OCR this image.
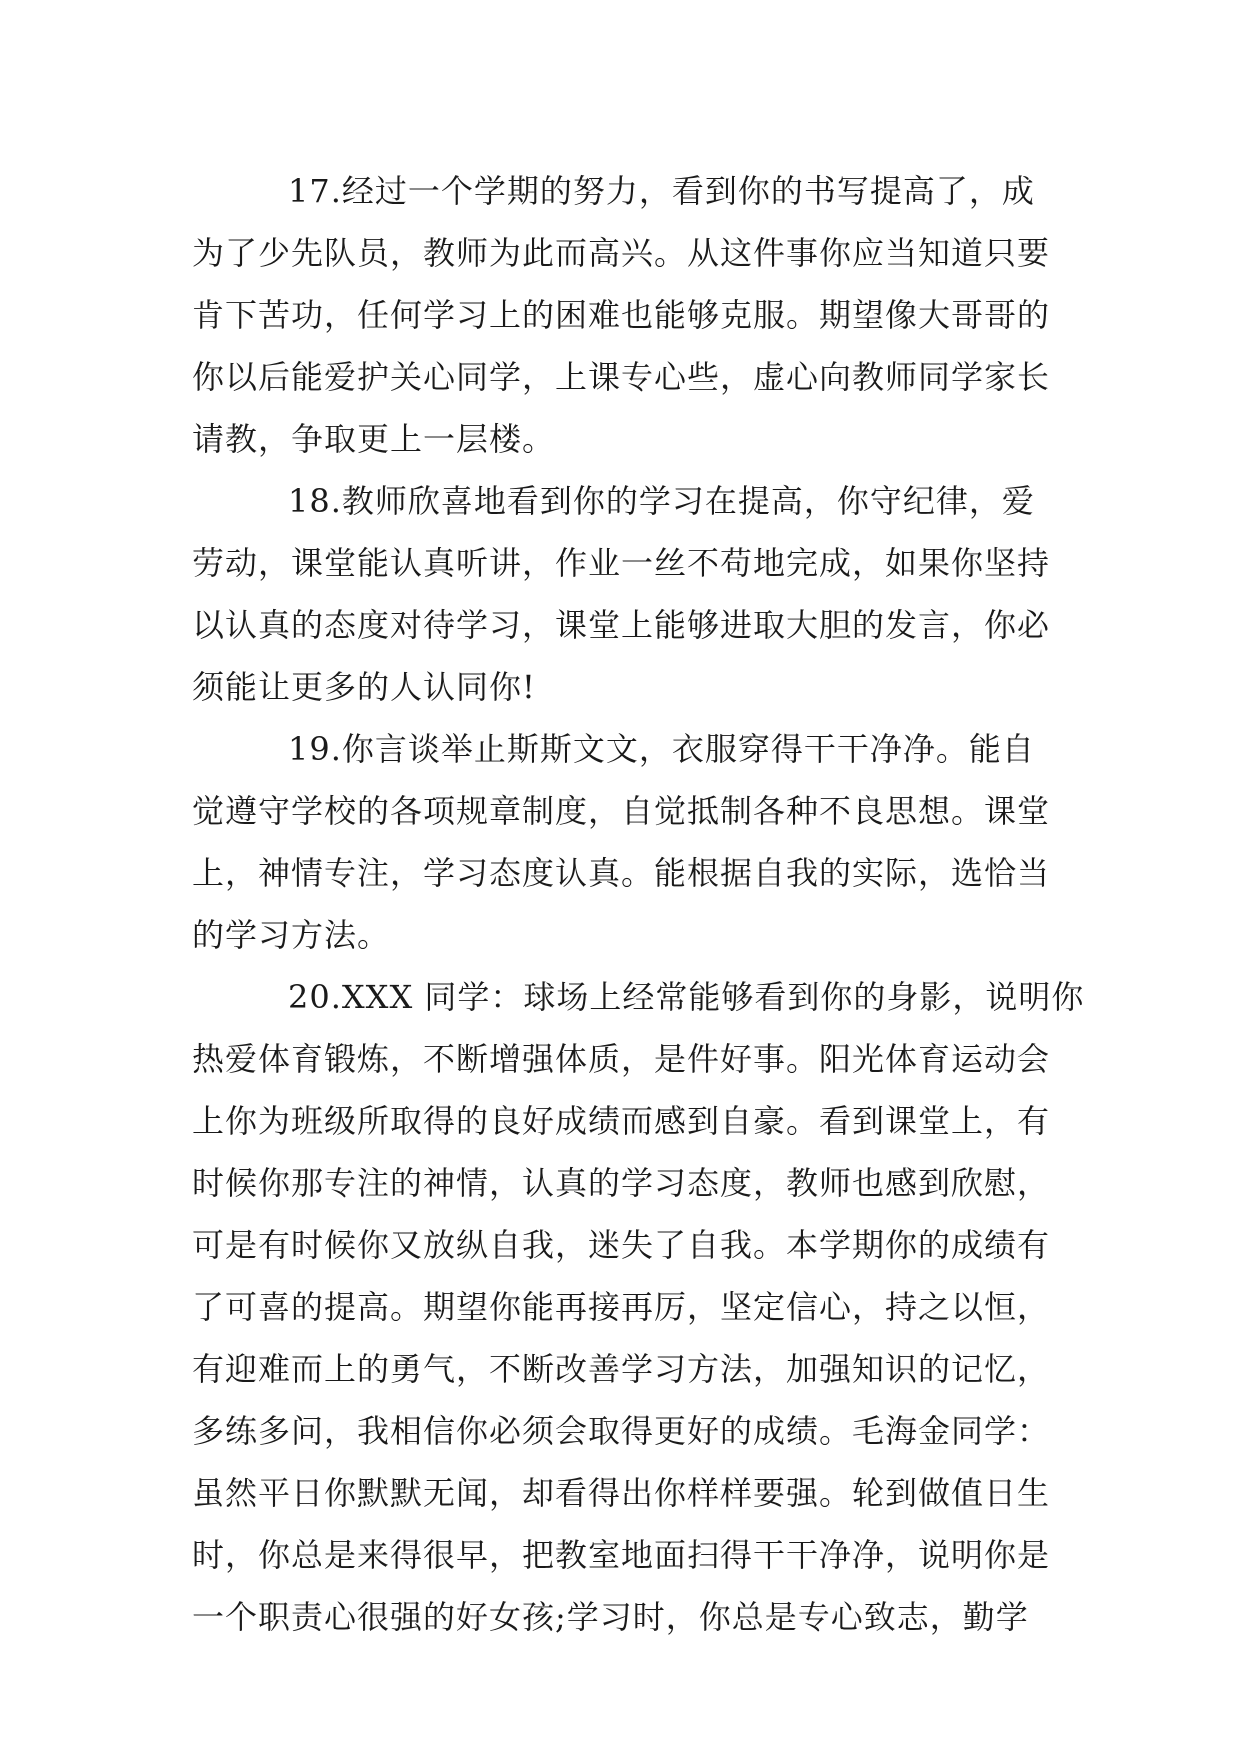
17.经过一个学期的努力，看到你的书写提高了，成
为了少先队员，教师为此而高兴。从这件事你应当知道只要
肯下苦功，任何学习上的困难也能够克服。期望像大哥哥的
你以后能爱护关心同学，上课专心些，虚心向教师同学家长
请教，争取更上一层楼。
18.教师欣喜地看到你的学习在提高，你守纪律，爱
劳动，课堂能认真听讲，作业一丝不苟地完成，如果你坚持
以认真的态度对待学习，课堂上能够进取大胆的发言，你必
须能让更多的人认同你!
19.你言谈举止斯斯文文，衣服穿得干干净净。能自
觉遵守学校的各项规章制度，自觉抵制各种不良思想。课堂
上，神情专注，学习态度认真。能根据自我的实际，选恰当
的学习方法。
20.XXX 同学：球场上经常能够看到你的身影，说明你
热爱体育锻炼，不断增强体质，是件好事。阳光体育运动会
上你为班级所取得的良好成绩而感到自豪。看到课堂上，有
时候你那专注的神情，认真的学习态度，教师也感到欣慰，
可是有时候你又放纵自我，迷失了自我。本学期你的成绩有
了可喜的提高。期望你能再接再厉，坚定信心，持之以恒，
有迎难而上的勇气，不断改善学习方法，加强知识的记忆，
多练多问，我相信你必须会取得更好的成绩。毛海金同学：
虽然平日你默默无闻，却看得出你样样要强。轮到做值日生
时，你总是来得很早，把教室地面扫得干干净净，说明你是
一个职责心很强的好女孩;学习时，你总是专心致志，勤学
